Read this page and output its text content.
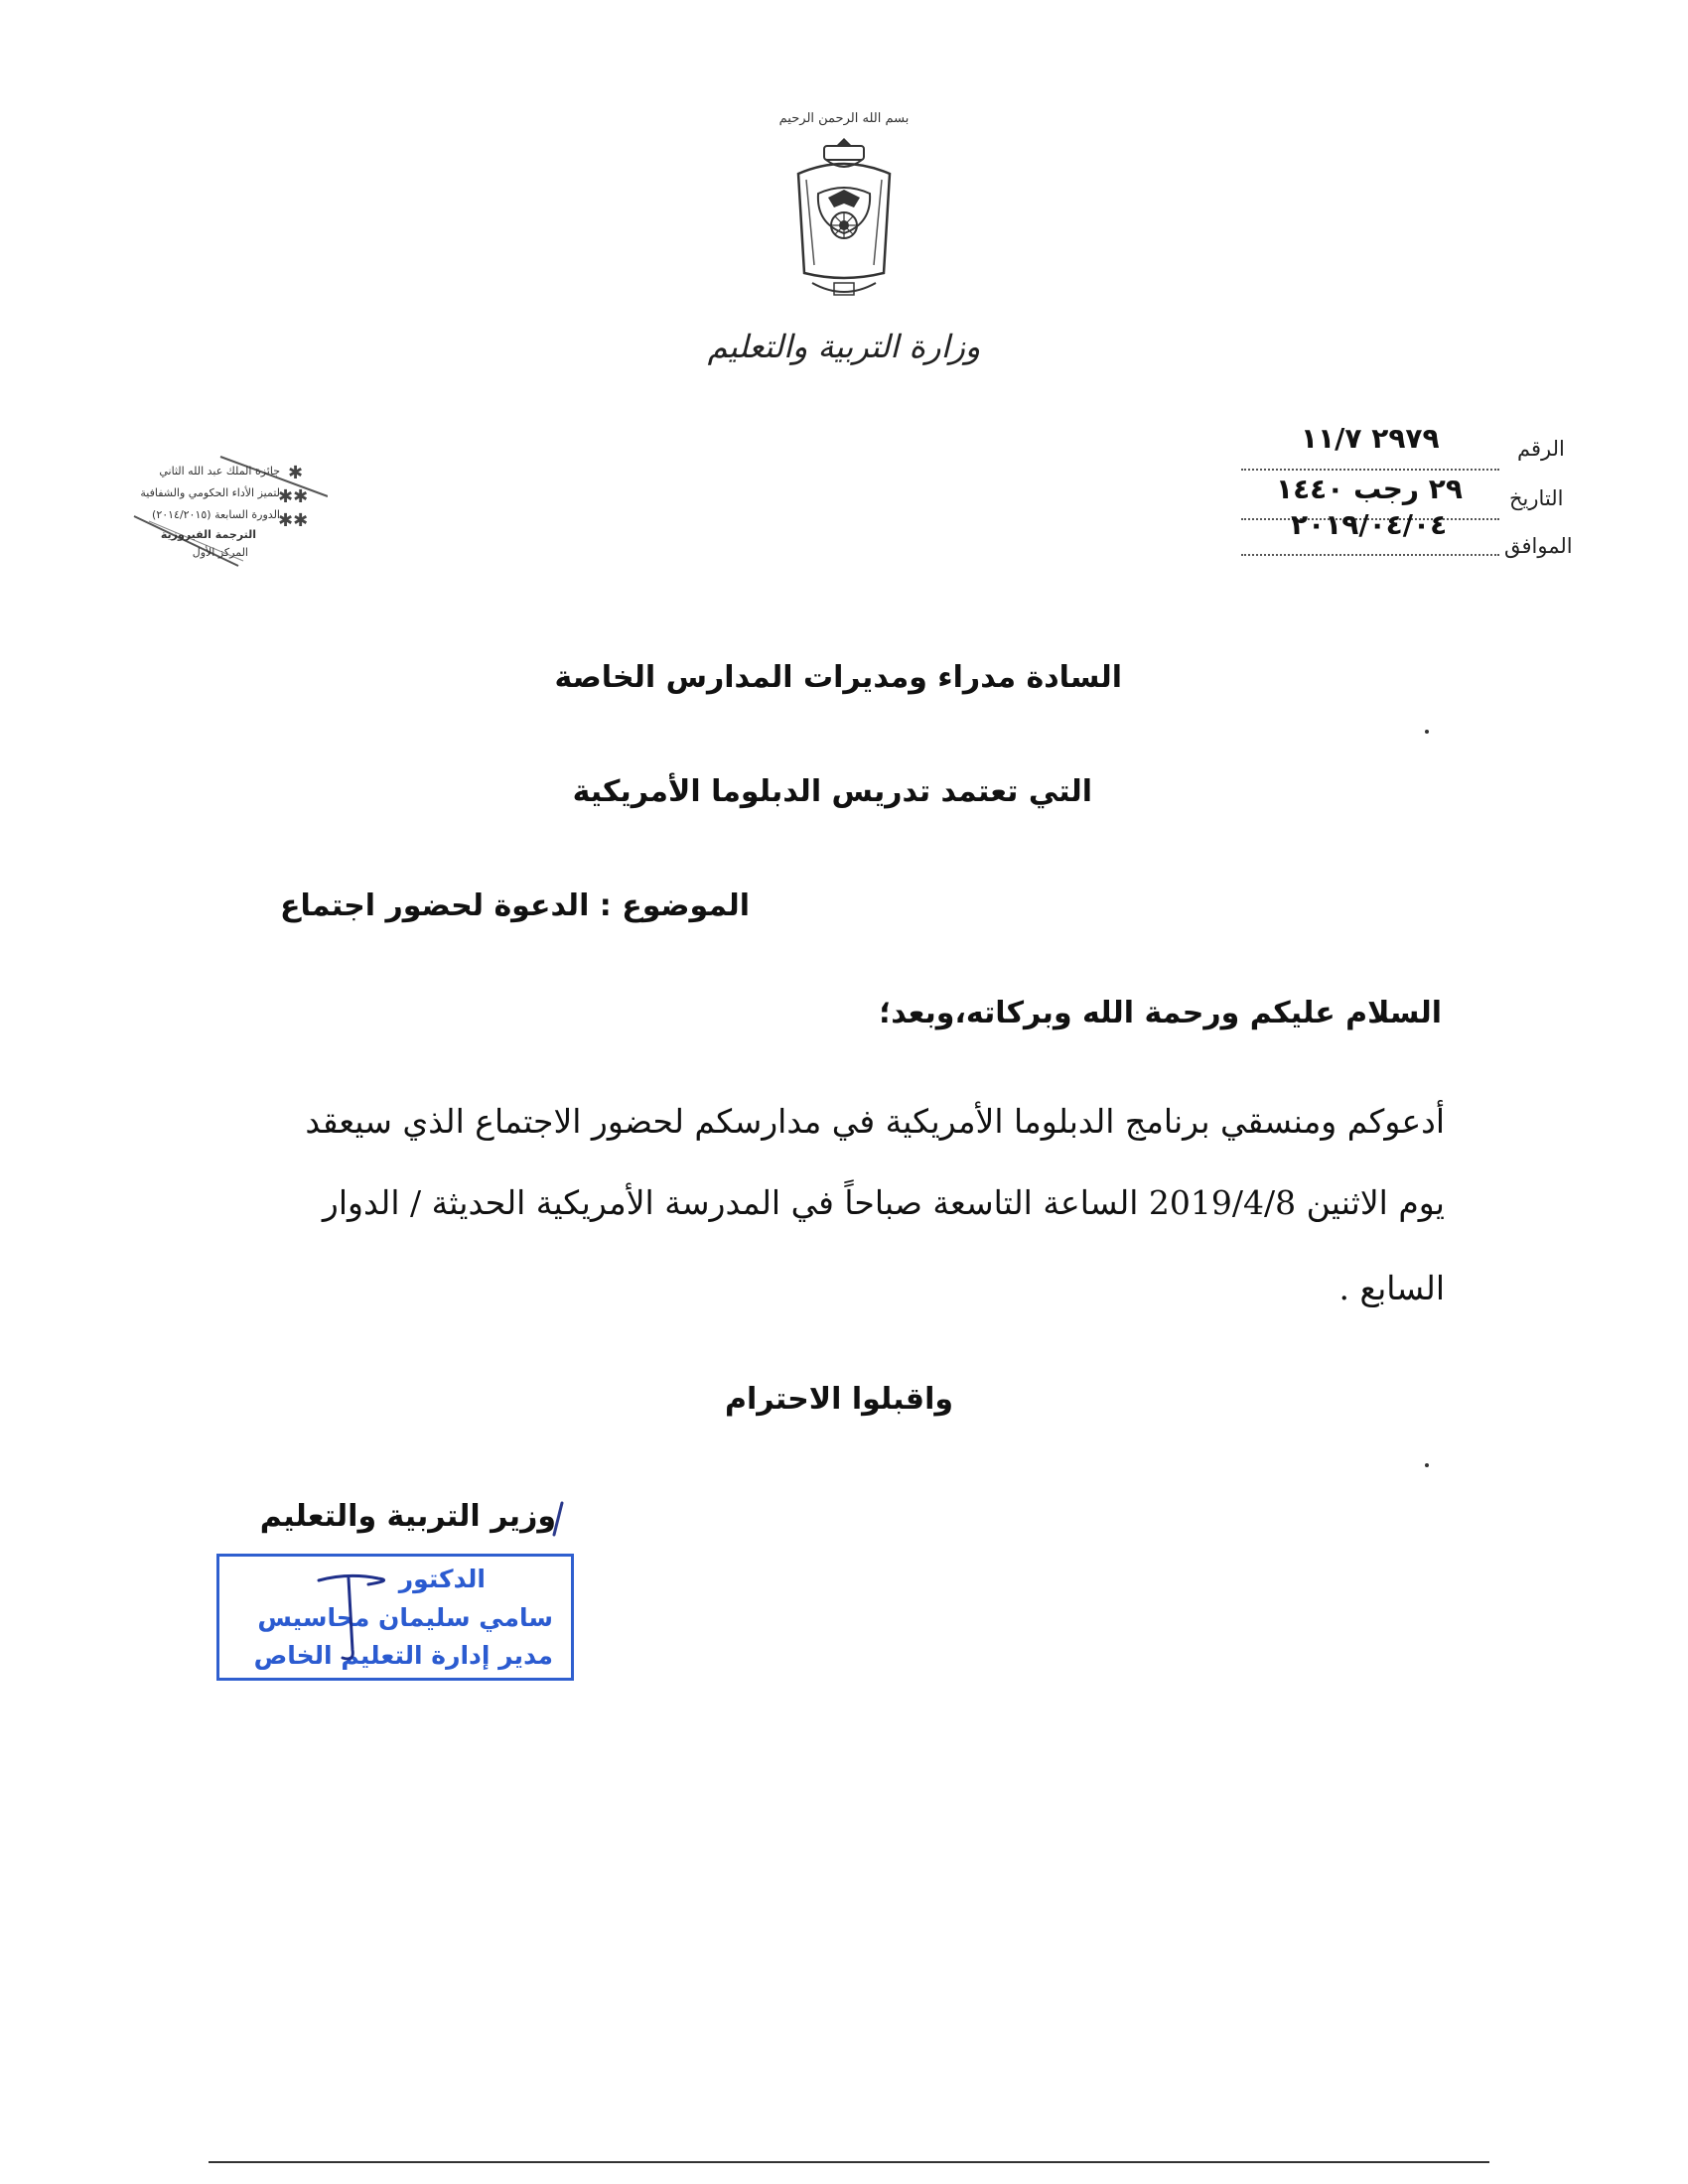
بسم الله الرحمن الرحيم
وزارة التربية والتعليم
٢٩٧٩ ١١/٧	الرقم
٢٩ رجب ١٤٤٠ التاريخ
٢٠١٩/٠٤/٠٤
الموافق
جائزة الملك عبد الله الثاني
لتميز الأداء الحكومي والشفافية
الدورة السابعة (٢٠١٤/٢٠١٥)
الترجمة الفيروزية
المركز الأول
✱
✱✱
✱✱
السادة مدراء ومديرات المدارس الخاصة
التي تعتمد تدريس الدبلوما الأمريكية
الموضوع : الدعوة لحضور اجتماع
السلام عليكم ورحمة الله وبركاته،وبعد؛
أدعوكم ومنسقي برنامج الدبلوما الأمريكية في مدارسكم لحضور الاجتماع الذي سيعقد
يوم الاثنين 2019/4/8 الساعة التاسعة صباحاً في المدرسة الأمريكية الحديثة / الدوار
السابع .
واقبلوا الاحترام
وزير التربية والتعليم
الدكتور
سامي سليمان محاسيس
مدير إدارة التعليم الخاص
